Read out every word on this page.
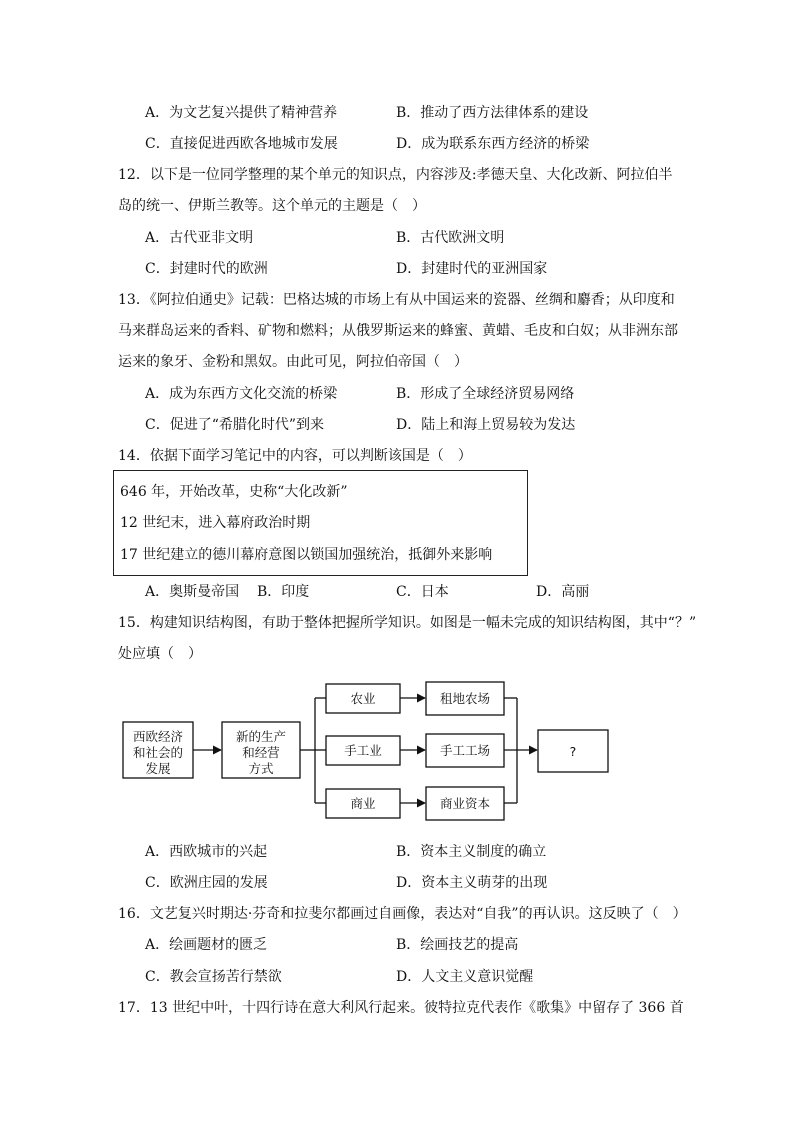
A．为文艺复兴提供了精神营养	B．推动了西方法律体系的建设
C．直接促进西欧各地城市发展	D．成为联系东西方经济的桥梁
12．以下是一位同学整理的某个单元的知识点，内容涉及:孝德天皇、大化改新、阿拉伯半
岛的统一、伊斯兰教等。这个单元的主题是（　）
A．古代亚非文明	B．古代欧洲文明
C．封建时代的欧洲	D．封建时代的亚洲国家
13．《阿拉伯通史》记载：巴格达城的市场上有从中国运来的瓷器、丝绸和麝香；从印度和
马来群岛运来的香料、矿物和燃料；从俄罗斯运来的蜂蜜、黄蜡、毛皮和白奴；从非洲东部
运来的象牙、金粉和黑奴。由此可见，阿拉伯帝国（　）
A．成为东西方文化交流的桥梁	B．形成了全球经济贸易网络
C．促进了“希腊化时代”到来	D．陆上和海上贸易较为发达
14．依据下面学习笔记中的内容，可以判断该国是（　）
646 年，开始改革，史称“大化改新”
12 世纪末，进入幕府政治时期
17 世纪建立的德川幕府意图以锁国加强统治，抵御外来影响
A．奥斯曼帝国 B．印度	C．日本	D．高丽
15．构建知识结构图，有助于整体把握所学知识。如图是一幅未完成的知识结构图，其中“？”
处应填（　）
西欧经济
和社会的
发展
新的生产
和经营
方式
农业
手工业
商业
租地农场
手工工场
商业资本
?
A．西欧城市的兴起	B．资本主义制度的确立
C．欧洲庄园的发展	D．资本主义萌芽的出现
16．文艺复兴时期达·芬奇和拉斐尔都画过自画像，表达对“自我”的再认识。这反映了（　）
A．绘画题材的匮乏	B．绘画技艺的提高
C．教会宣扬苦行禁欲	D．人文主义意识觉醒
17．13 世纪中叶，十四行诗在意大利风行起来。彼特拉克代表作《歌集》中留存了 366 首
